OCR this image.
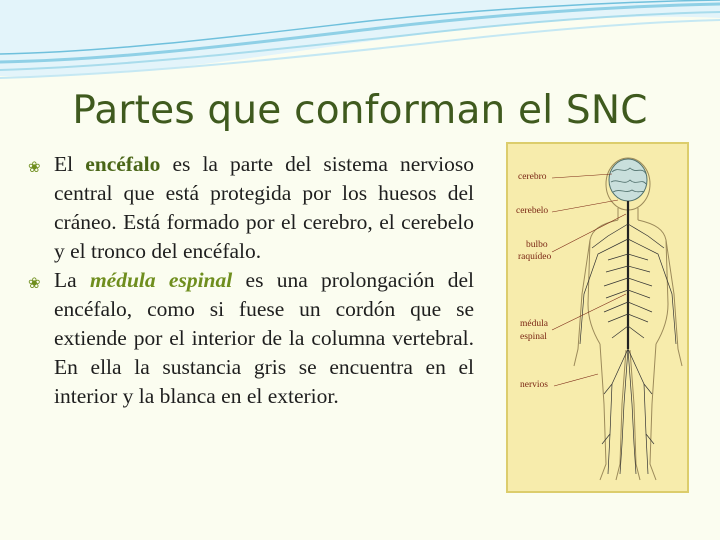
Partes que conforman el SNC

❀ El encéfalo es la parte del sistema nervioso central que está protegida por los huesos del cráneo. Está formado por el cerebro, el cerebelo y el tronco del encéfalo.

❀ La médula espinal es una prolongación del encéfalo, como si fuese un cordón que se extiende por el interior de la columna vertebral. En ella la sustancia gris se encuentra en el interior y la blanca en el exterior.

cerebro
cerebelo
bulbo
raquídeo
médula
espinal
nervios
